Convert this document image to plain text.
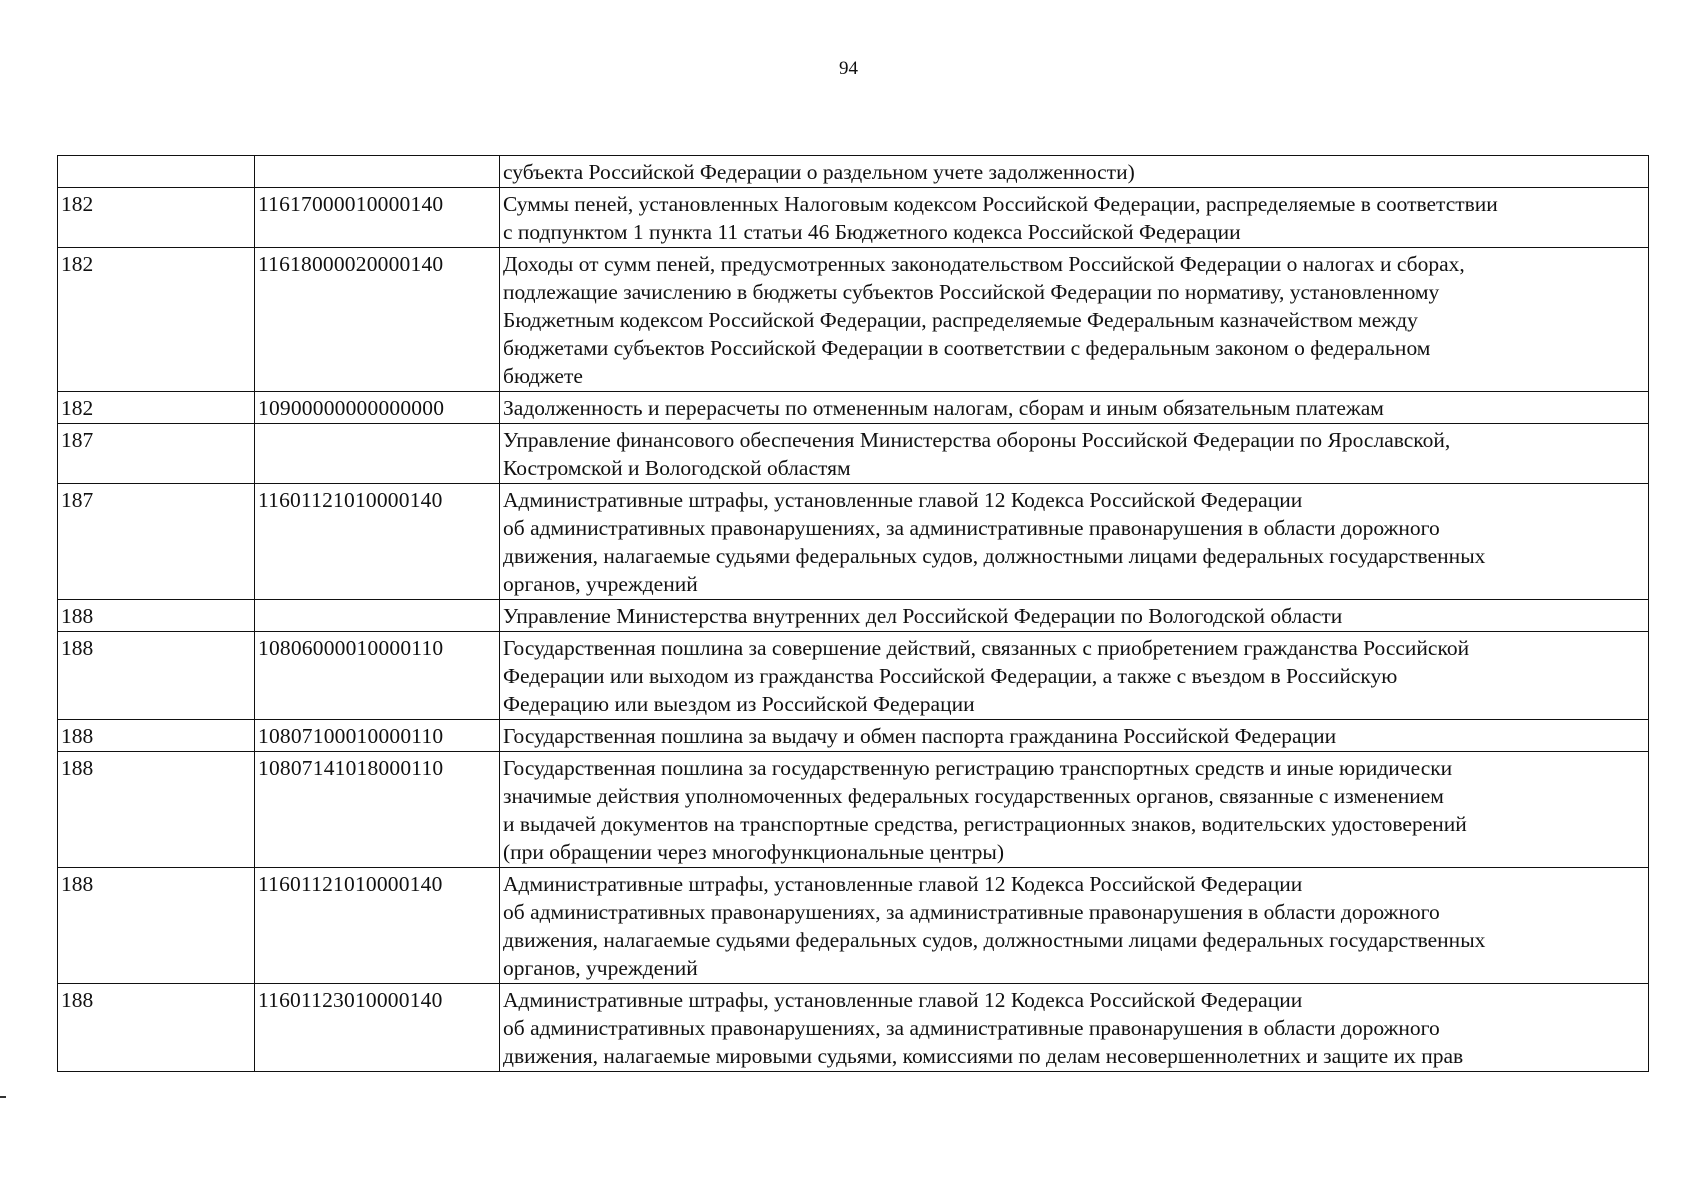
94
		субъекта Российской Федерации о раздельном учете задолженности)
182	11617000010000140	Суммы пеней, установленных Налоговым кодексом Российской Федерации, распределяемые в соответствии
с подпунктом 1 пункта 11 статьи 46 Бюджетного кодекса Российской Федерации
182	11618000020000140	Доходы от сумм пеней, предусмотренных законодательством Российской Федерации о налогах и сборах,
подлежащие зачислению в бюджеты субъектов Российской Федерации по нормативу, установленному
Бюджетным кодексом Российской Федерации, распределяемые Федеральным казначейством между
бюджетами субъектов Российской Федерации в соответствии с федеральным законом о федеральном
бюджете
182	10900000000000000	Задолженность и перерасчеты по отмененным налогам, сборам и иным обязательным платежам
187		Управление финансового обеспечения Министерства обороны Российской Федерации по Ярославской,
Костромской и Вологодской областям
187	11601121010000140	Административные штрафы, установленные главой 12 Кодекса Российской Федерации
об административных правонарушениях, за административные правонарушения в области дорожного
движения, налагаемые судьями федеральных судов, должностными лицами федеральных государственных
органов, учреждений
188		Управление Министерства внутренних дел Российской Федерации по Вологодской области
188	10806000010000110	Государственная пошлина за совершение действий, связанных с приобретением гражданства Российской
Федерации или выходом из гражданства Российской Федерации, а также с въездом в Российскую
Федерацию или выездом из Российской Федерации
188	10807100010000110	Государственная пошлина за выдачу и обмен паспорта гражданина Российской Федерации
188	10807141018000110	Государственная пошлина за государственную регистрацию транспортных средств и иные юридически
значимые действия уполномоченных федеральных государственных органов, связанные с изменением
и выдачей документов на транспортные средства, регистрационных знаков, водительских удостоверений
(при обращении через многофункциональные центры)
188	11601121010000140	Административные штрафы, установленные главой 12 Кодекса Российской Федерации
об административных правонарушениях, за административные правонарушения в области дорожного
движения, налагаемые судьями федеральных судов, должностными лицами федеральных государственных
органов, учреждений
188	11601123010000140	Административные штрафы, установленные главой 12 Кодекса Российской Федерации
об административных правонарушениях, за административные правонарушения в области дорожного
движения, налагаемые мировыми судьями, комиссиями по делам несовершеннолетних и защите их прав
